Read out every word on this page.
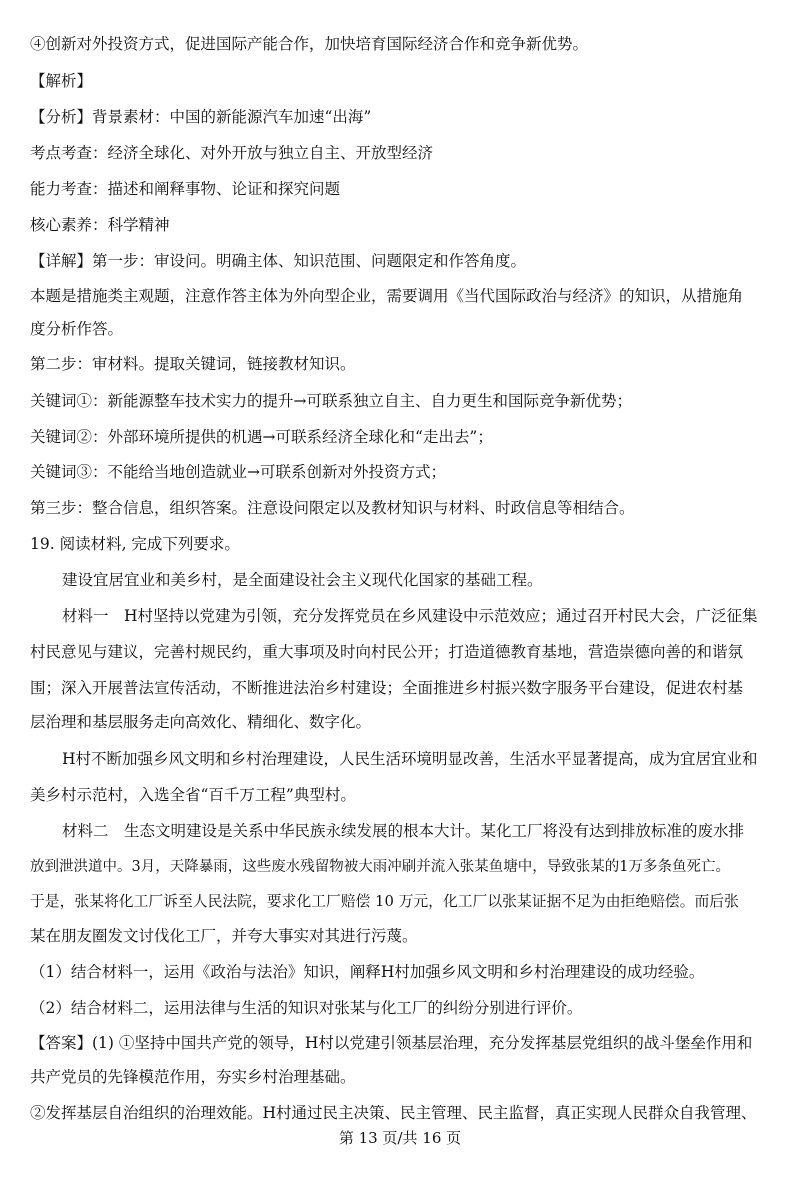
④创新对外投资方式，促进国际产能合作，加快培育国际经济合作和竞争新优势。
【解析】
【分析】背景素材：中国的新能源汽车加速“出海”
考点考查：经济全球化、对外开放与独立自主、开放型经济
能力考查：描述和阐释事物、论证和探究问题
核心素养：科学精神
【详解】第一步：审设问。明确主体、知识范围、问题限定和作答角度。
本题是措施类主观题，注意作答主体为外向型企业，需要调用《当代国际政治与经济》的知识，从措施角
度分析作答。
第二步：审材料。提取关键词，链接教材知识。
关键词①：新能源整车技术实力的提升→可联系独立自主、自力更生和国际竞争新优势；
关键词②：外部环境所提供的机遇→可联系经济全球化和“走出去”；
关键词③：不能给当地创造就业→可联系创新对外投资方式；
第三步：整合信息，组织答案。注意设问限定以及教材知识与材料、时政信息等相结合。
19. 阅读材料, 完成下列要求。
建设宜居宜业和美乡村，是全面建设社会主义现代化国家的基础工程。
材料一　H村坚持以党建为引领，充分发挥党员在乡风建设中示范效应；通过召开村民大会，广泛征集
村民意见与建议，完善村规民约，重大事项及时向村民公开；打造道德教育基地，营造崇德向善的和谐氛
围；深入开展普法宣传活动，不断推进法治乡村建设；全面推进乡村振兴数字服务平台建设，促进农村基
层治理和基层服务走向高效化、精细化、数字化。
H村不断加强乡风文明和乡村治理建设，人民生活环境明显改善，生活水平显著提高，成为宜居宜业和
美乡村示范村，入选全省“百千万工程”典型村。
材料二　生态文明建设是关系中华民族永续发展的根本大计。某化工厂将没有达到排放标准的废水排
放到泄洪道中。3月，天降暴雨，这些废水残留物被大雨冲刷并流入张某鱼塘中，导致张某的1万多条鱼死亡。
于是，张某将化工厂诉至人民法院，要求化工厂赔偿 10 万元，化工厂以张某证据不足为由拒绝赔偿。而后张
某在朋友圈发文讨伐化工厂，并夸大事实对其进行污蔑。
（1）结合材料一，运用《政治与法治》知识，阐释H村加强乡风文明和乡村治理建设的成功经验。
（2）结合材料二，运用法律与生活的知识对张某与化工厂的纠纷分别进行评价。
【答案】(1) ①坚持中国共产党的领导，H村以党建引领基层治理，充分发挥基层党组织的战斗堡垒作用和
共产党员的先锋模范作用，夯实乡村治理基础。
②发挥基层自治组织的治理效能。H村通过民主决策、民主管理、民主监督，真正实现人民群众自我管理、
第 13 页/共 16 页
